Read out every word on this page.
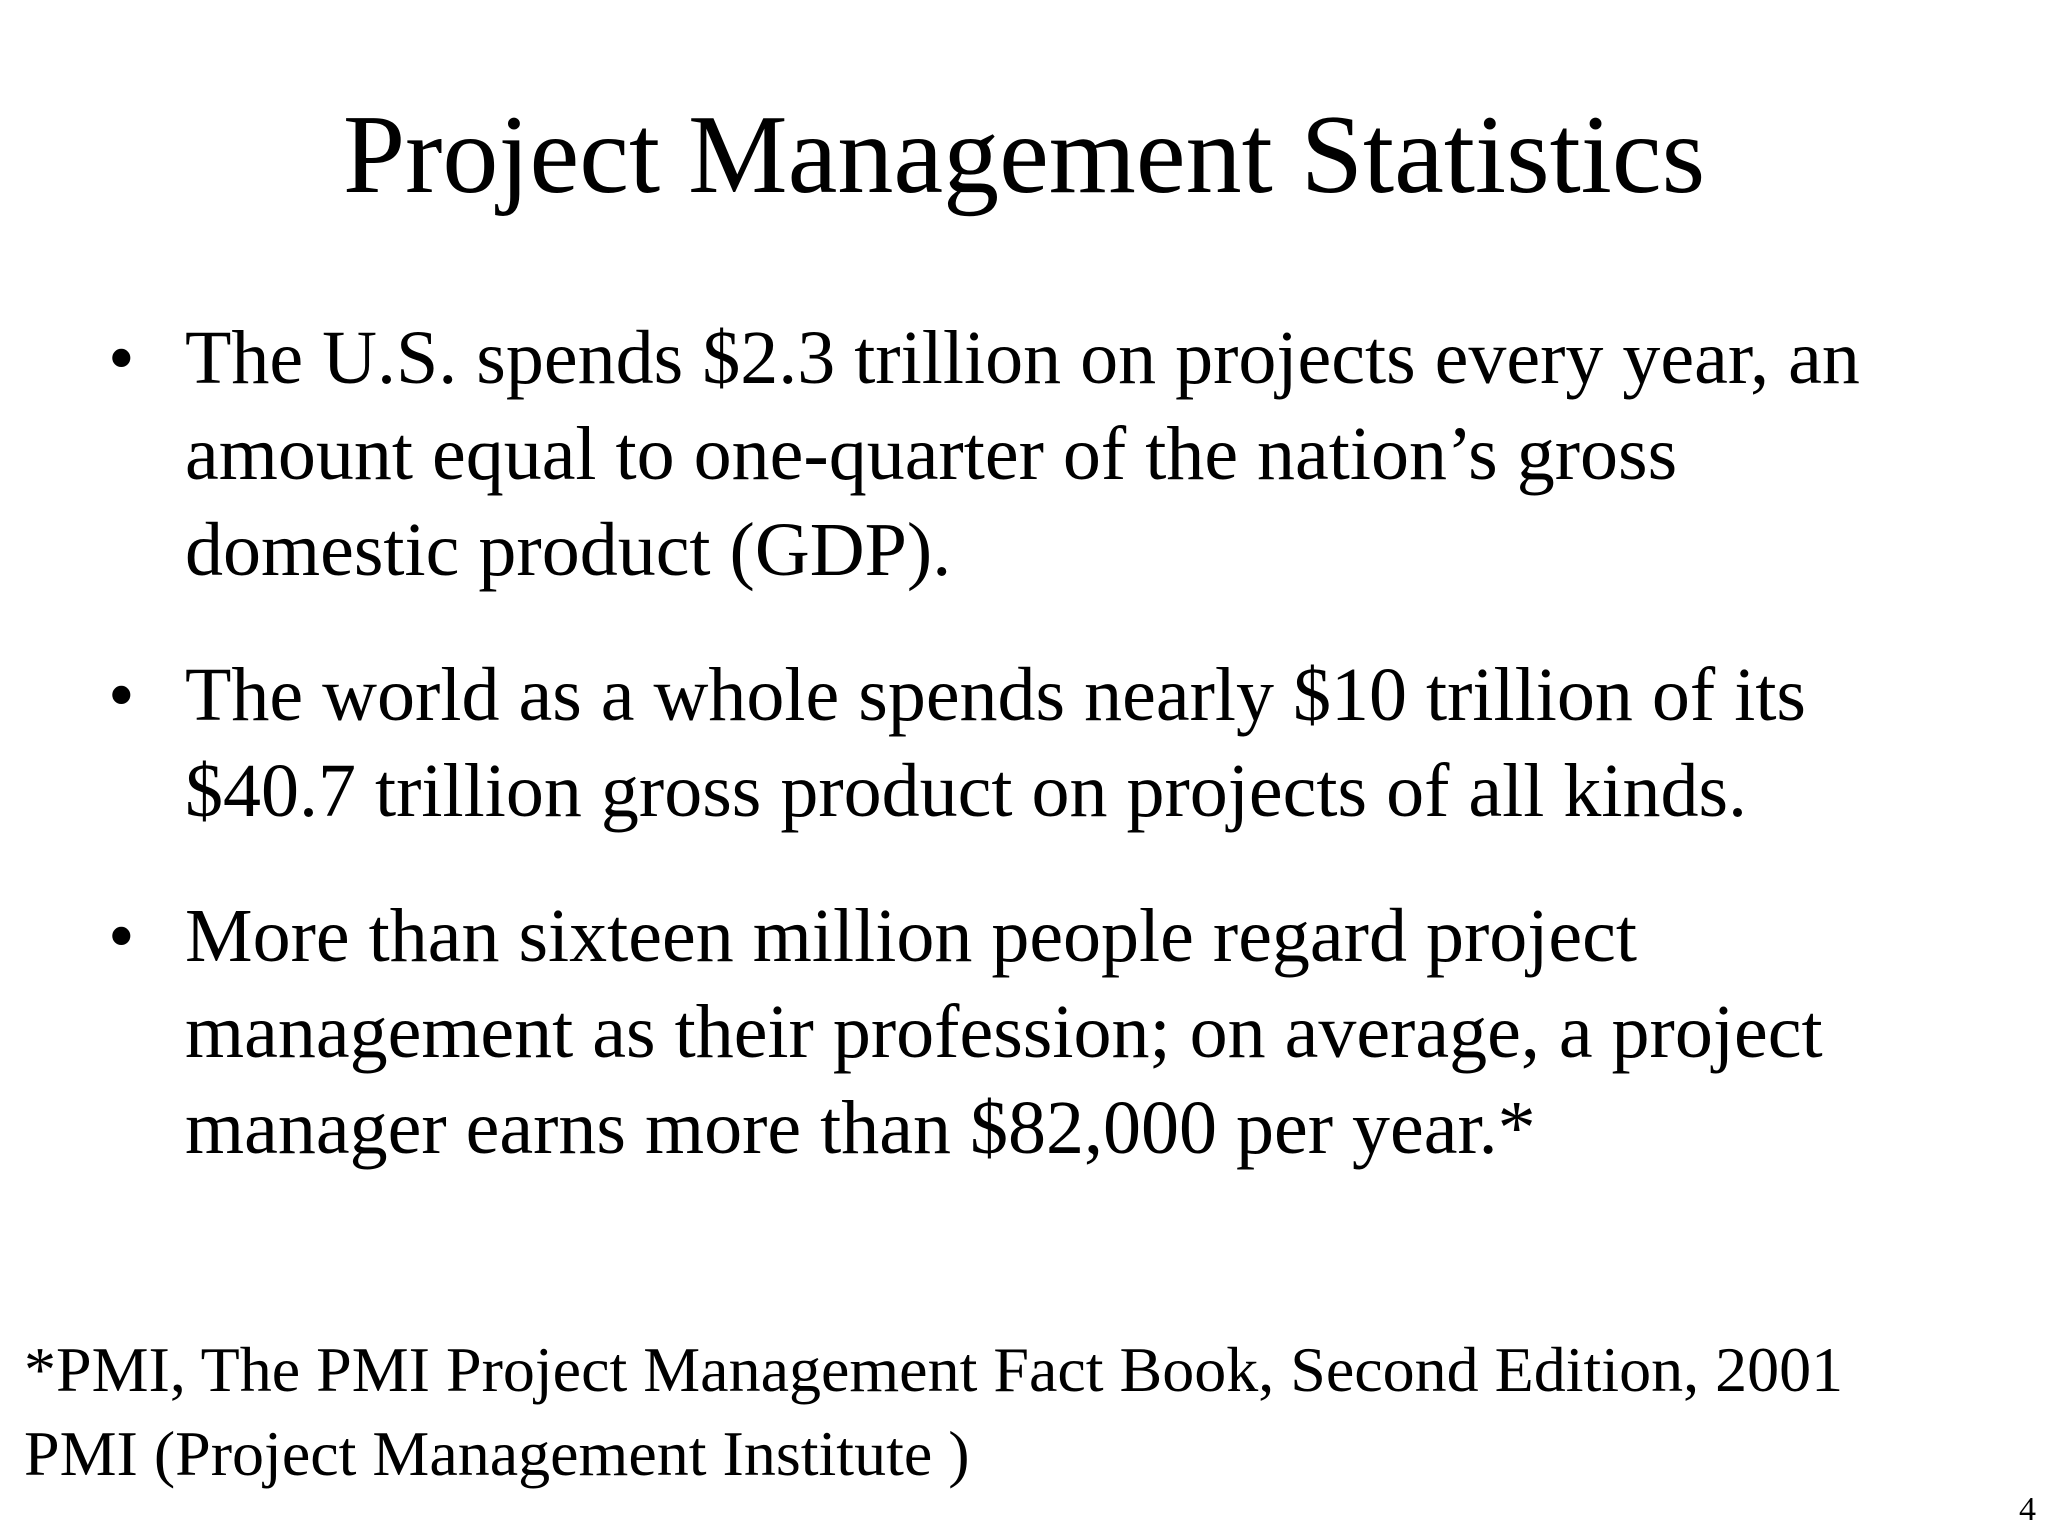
Project Management Statistics
• The U.S. spends $2.3 trillion on projects every year, an
amount equal to one-quarter of the nation’s gross
domestic product (GDP).
• The world as a whole spends nearly $10 trillion of its
$40.7 trillion gross product on projects of all kinds.
• More than sixteen million people regard project
management as their profession; on average, a project
manager earns more than $82,000 per year.*
*PMI, The PMI Project Management Fact Book, Second Edition, 2001
PMI (Project Management Institute )
4
